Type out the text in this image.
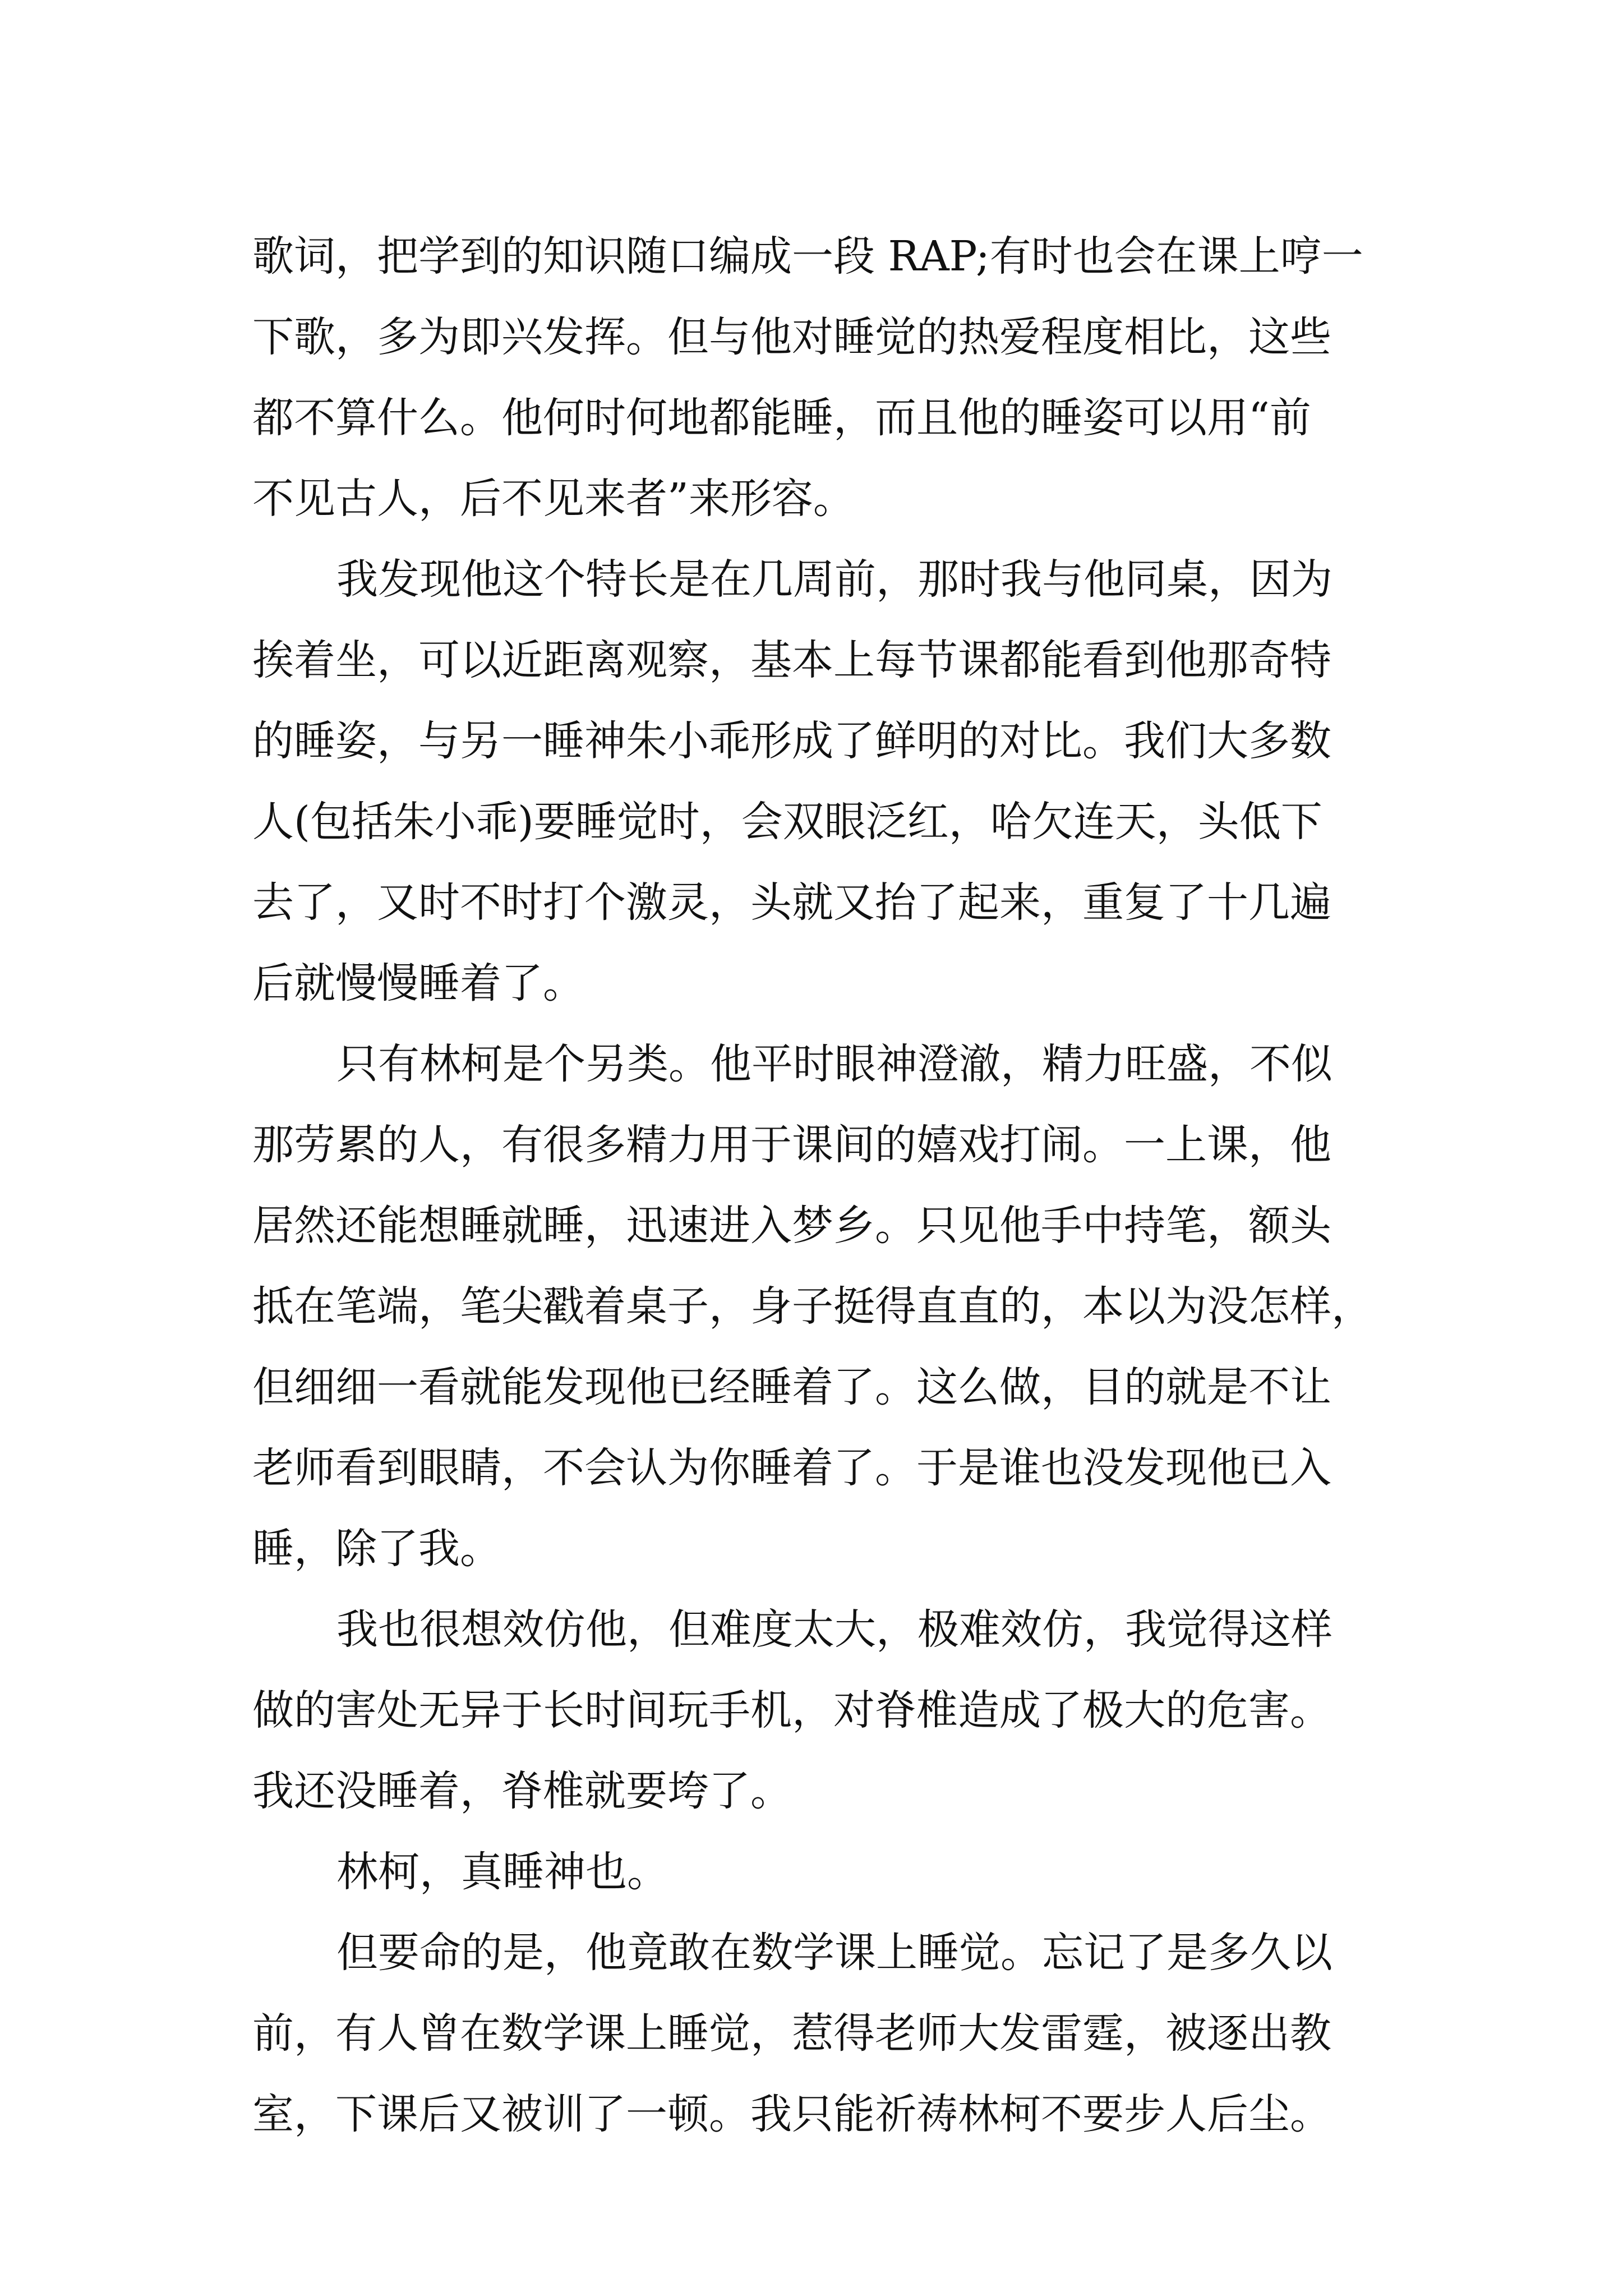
歌词，把学到的知识随口编成一段 RAP;有时也会在课上哼一
下歌，多为即兴发挥。但与他对睡觉的热爱程度相比，这些
都不算什么。他何时何地都能睡，而且他的睡姿可以用“前
不见古人，后不见来者”来形容。
我发现他这个特长是在几周前，那时我与他同桌，因为
挨着坐，可以近距离观察，基本上每节课都能看到他那奇特
的睡姿，与另一睡神朱小乖形成了鲜明的对比。我们大多数
人(包括朱小乖)要睡觉时，会双眼泛红，哈欠连天，头低下
去了，又时不时打个激灵，头就又抬了起来，重复了十几遍
后就慢慢睡着了。
只有林柯是个另类。他平时眼神澄澈，精力旺盛，不似
那劳累的人，有很多精力用于课间的嬉戏打闹。一上课，他
居然还能想睡就睡，迅速进入梦乡。只见他手中持笔，额头
抵在笔端，笔尖戳着桌子，身子挺得直直的，本以为没怎样，
但细细一看就能发现他已经睡着了。这么做，目的就是不让
老师看到眼睛，不会认为你睡着了。于是谁也没发现他已入
睡，除了我。
我也很想效仿他，但难度太大，极难效仿，我觉得这样
做的害处无异于长时间玩手机，对脊椎造成了极大的危害。
我还没睡着，脊椎就要垮了。
林柯，真睡神也。
但要命的是，他竟敢在数学课上睡觉。忘记了是多久以
前，有人曾在数学课上睡觉，惹得老师大发雷霆，被逐出教
室，下课后又被训了一顿。我只能祈祷林柯不要步人后尘。
